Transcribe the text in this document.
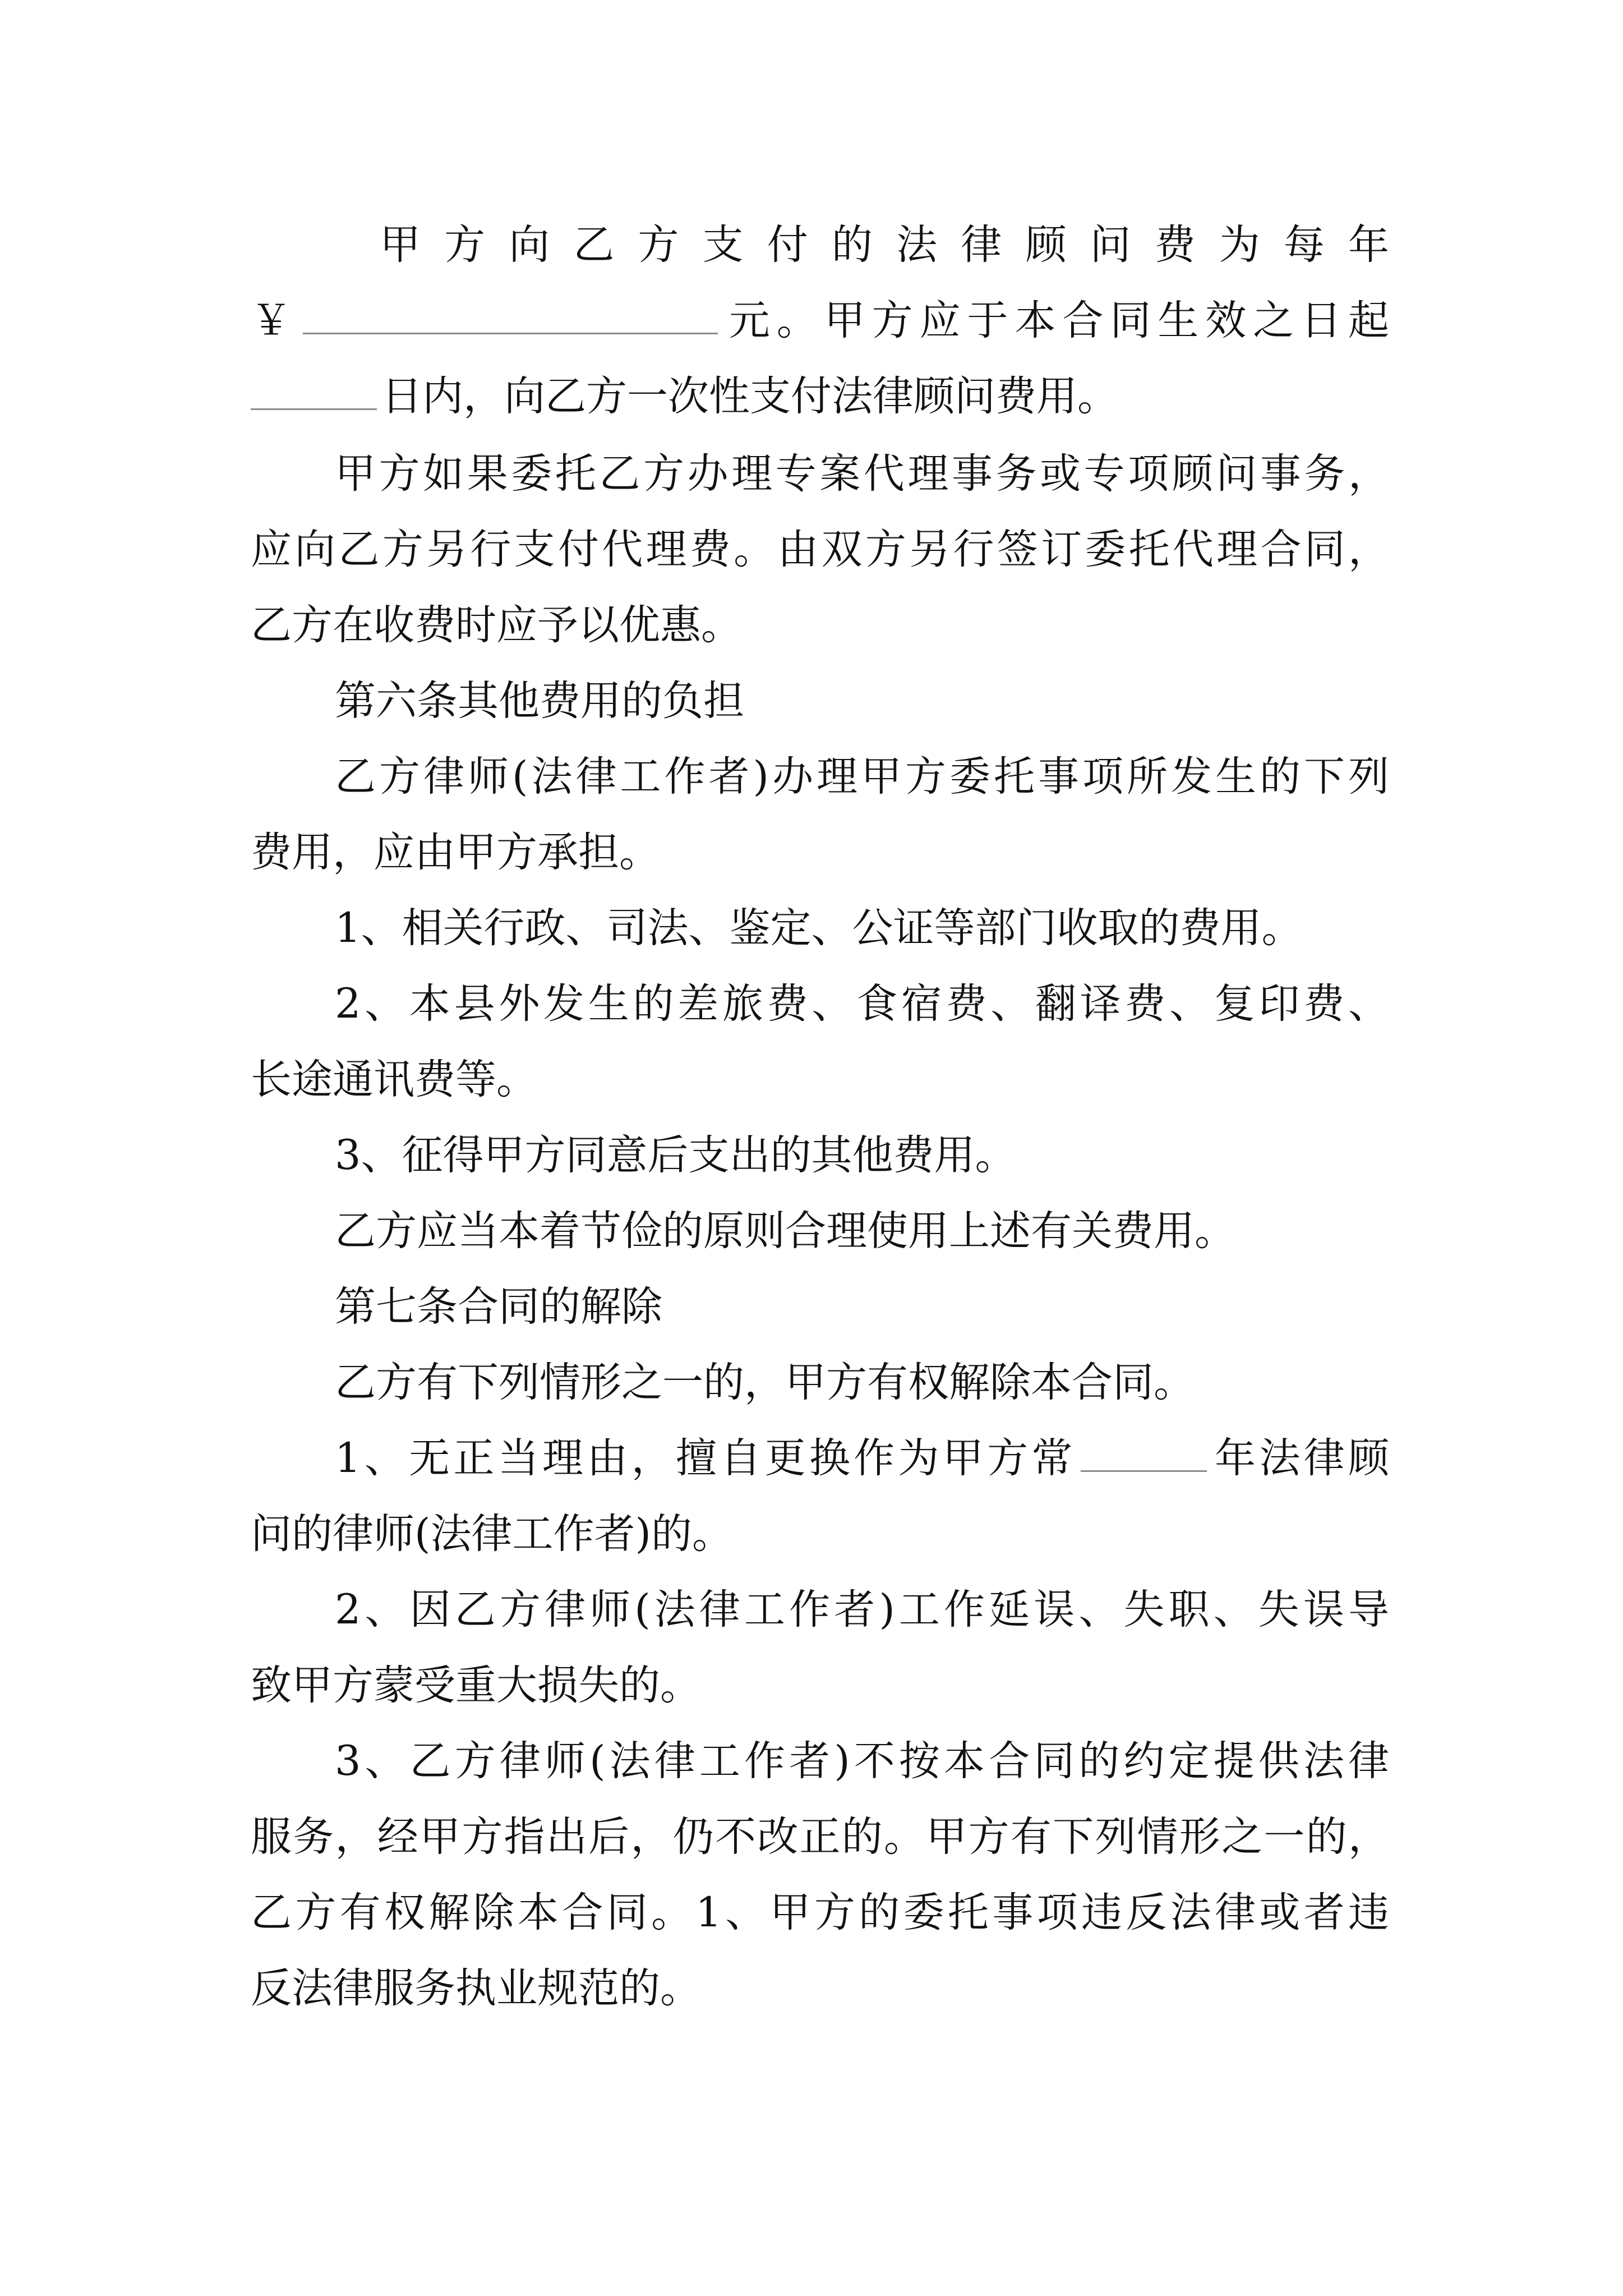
甲方向乙方支付的法律顾问费为每年
￥	元。甲方应于本合同生效之日起
日内，向乙方一次性支付法律顾问费用。
甲方如果委托乙方办理专案代理事务或专项顾问事务，
应向乙方另行支付代理费。由双方另行签订委托代理合同，
乙方在收费时应予以优惠。
第六条其他费用的负担
乙方律师(法律工作者)办理甲方委托事项所发生的下列
费用，应由甲方承担。
1、相关行政、司法、鉴定、公证等部门收取的费用。
2、本县外发生的差旅费、食宿费、翻译费、复印费、
长途通讯费等。
3、征得甲方同意后支出的其他费用。
乙方应当本着节俭的原则合理使用上述有关费用。
第七条合同的解除
乙方有下列情形之一的，甲方有权解除本合同。
1、无正当理由，擅自更换作为甲方常	年法律顾
问的律师(法律工作者)的。
2、因乙方律师(法律工作者)工作延误、失职、失误导
致甲方蒙受重大损失的。
3、乙方律师(法律工作者)不按本合同的约定提供法律
服务，经甲方指出后，仍不改正的。甲方有下列情形之一的，
乙方有权解除本合同。1、甲方的委托事项违反法律或者违
反法律服务执业规范的。
